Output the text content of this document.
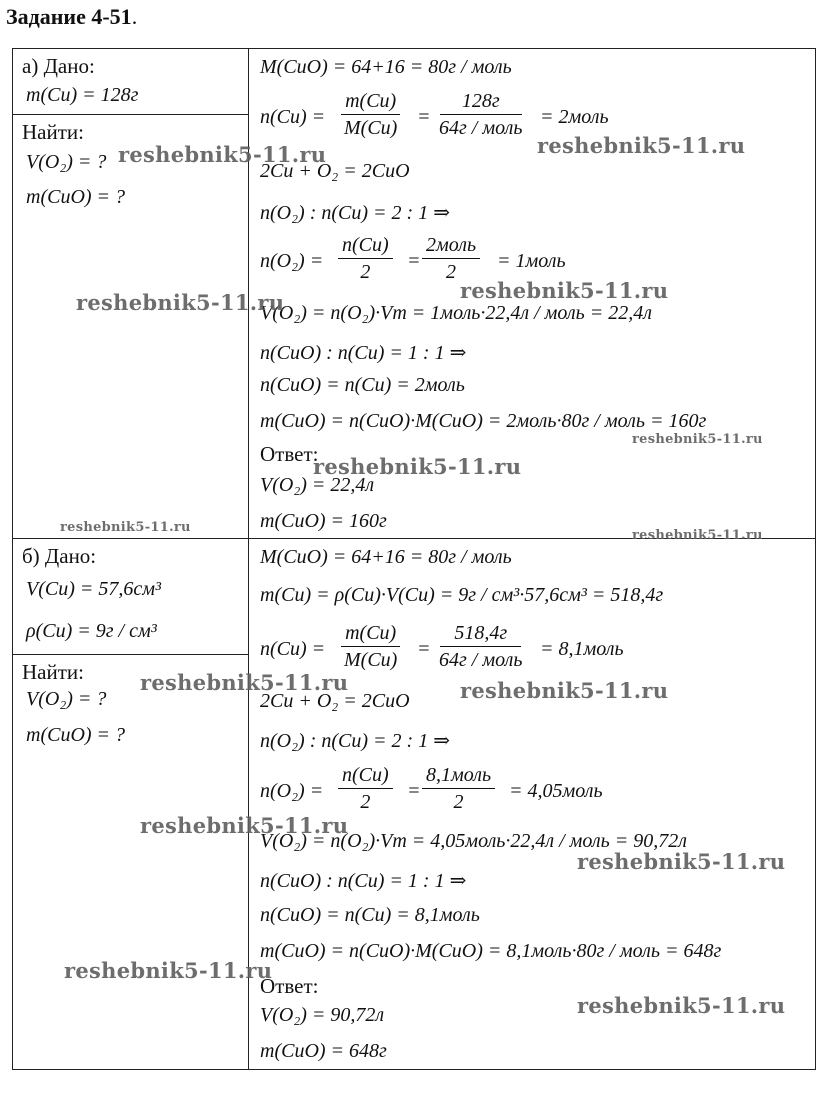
Задание 4-51.
а) Дано:
m(Cu) = 128г
Найти:
V(O₂) = ?
m(CuO) = ?
M(CuO) = 64+16 = 80г / моль
$n(Cu) = \frac{m(Cu)}{M(Cu)}$ =
128г
64г / моль = 2моль
2Cu + O₂ = 2CuO
n(O₂) : n(Cu) = 2 : 1 ⇒
$n(O_2) = \frac{n(Cu)}{2}$ =
2моль
2 = 1моль
V(O₂) = n(O₂)·Vm = 1моль·22,4л / моль = 22,4л
n(CuO) : n(Cu) = 1 : 1 ⇒
n(CuO) = n(Cu) = 2моль
m(CuO) = n(CuO)·M(CuO) = 2моль·80г / моль = 160г
Ответ:
V(O₂) = 22,4л
m(CuO) = 160г
б) Дано:
V(Cu) = 57,6см³
ρ(Cu) = 9г / см³
Найти:
V(O₂) = ?
m(CuO) = ?
M(CuO) = 64+16 = 80г / моль
m(Cu) = ρ(Cu)·V(Cu) = 9г / см³·57,6см³ = 518,4г
$n(Cu) = \frac{m(Cu)}{M(Cu)}$ =
518,4г
64г / моль = 8,1моль
2Cu + O₂ = 2CuO
n(O₂) : n(Cu) = 2 : 1 ⇒
$n(O_2) = \frac{n(Cu)}{2}$ =
8,1моль
2 = 4,05моль
V(O₂) = n(O₂)·Vm = 4,05моль·22,4л / моль = 90,72л
n(CuO) : n(Cu) = 1 : 1 ⇒
n(CuO) = n(Cu) = 8,1моль
m(CuO) = n(CuO)·M(CuO) = 8,1моль·80г / моль = 648г
Ответ:
V(O₂) = 90,72л
m(CuO) = 648г
reshebnik5-11.ru	reshebnik5-11.ru
reshebnik5-11.ru	reshebnik5-11.ru
reshebnik5-11.ru
reshebnik5-11.ru
reshebnik5-11.ru
reshebnik5-11.ru
reshebnik5-11.ru	reshebnik5-11.ru
reshebnik5-11.ru
reshebnik5-11.ru
reshebnik5-11.ru
reshebnik5-11.ru
